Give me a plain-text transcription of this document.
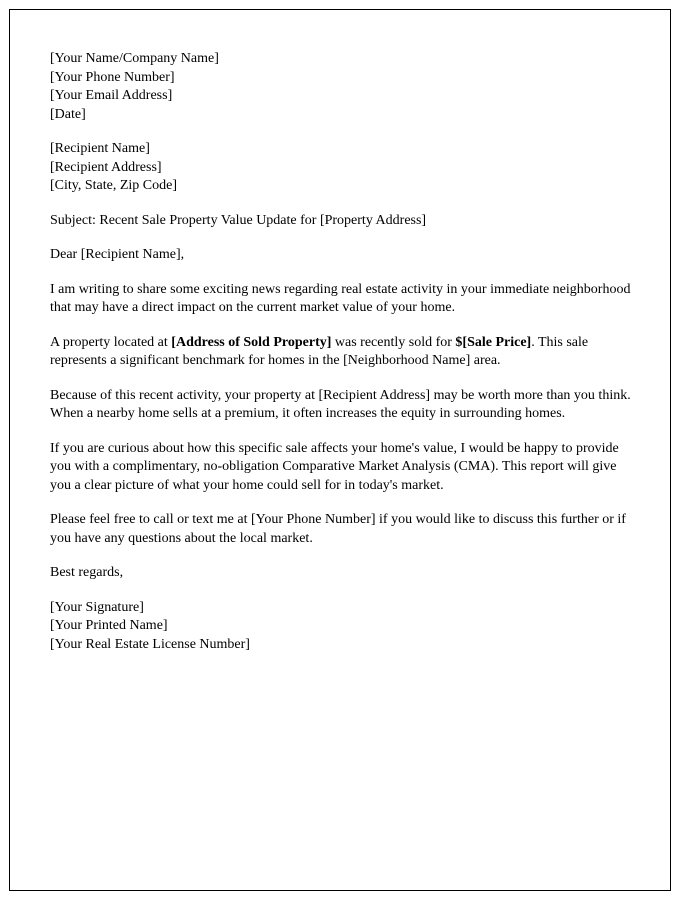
[Your Name/Company Name]
[Your Phone Number]
[Your Email Address]
[Date]
[Recipient Name]
[Recipient Address]
[City, State, Zip Code]

Subject: Recent Sale Property Value Update for [Property Address]

Dear [Recipient Name],

I am writing to share some exciting news regarding real estate activity in your immediate neighborhood that may have a direct impact on the current market value of your home.

A property located at [Address of Sold Property] was recently sold for $[Sale Price]. This sale represents a significant benchmark for homes in the [Neighborhood Name] area.

Because of this recent activity, your property at [Recipient Address] may be worth more than you think. When a nearby home sells at a premium, it often increases the equity in surrounding homes.

If you are curious about how this specific sale affects your home's value, I would be happy to provide you with a complimentary, no-obligation Comparative Market Analysis (CMA). This report will give you a clear picture of what your home could sell for in today's market.

Please feel free to call or text me at [Your Phone Number] if you would like to discuss this further or if you have any questions about the local market.

Best regards,

[Your Signature]
[Your Printed Name]
[Your Real Estate License Number]
